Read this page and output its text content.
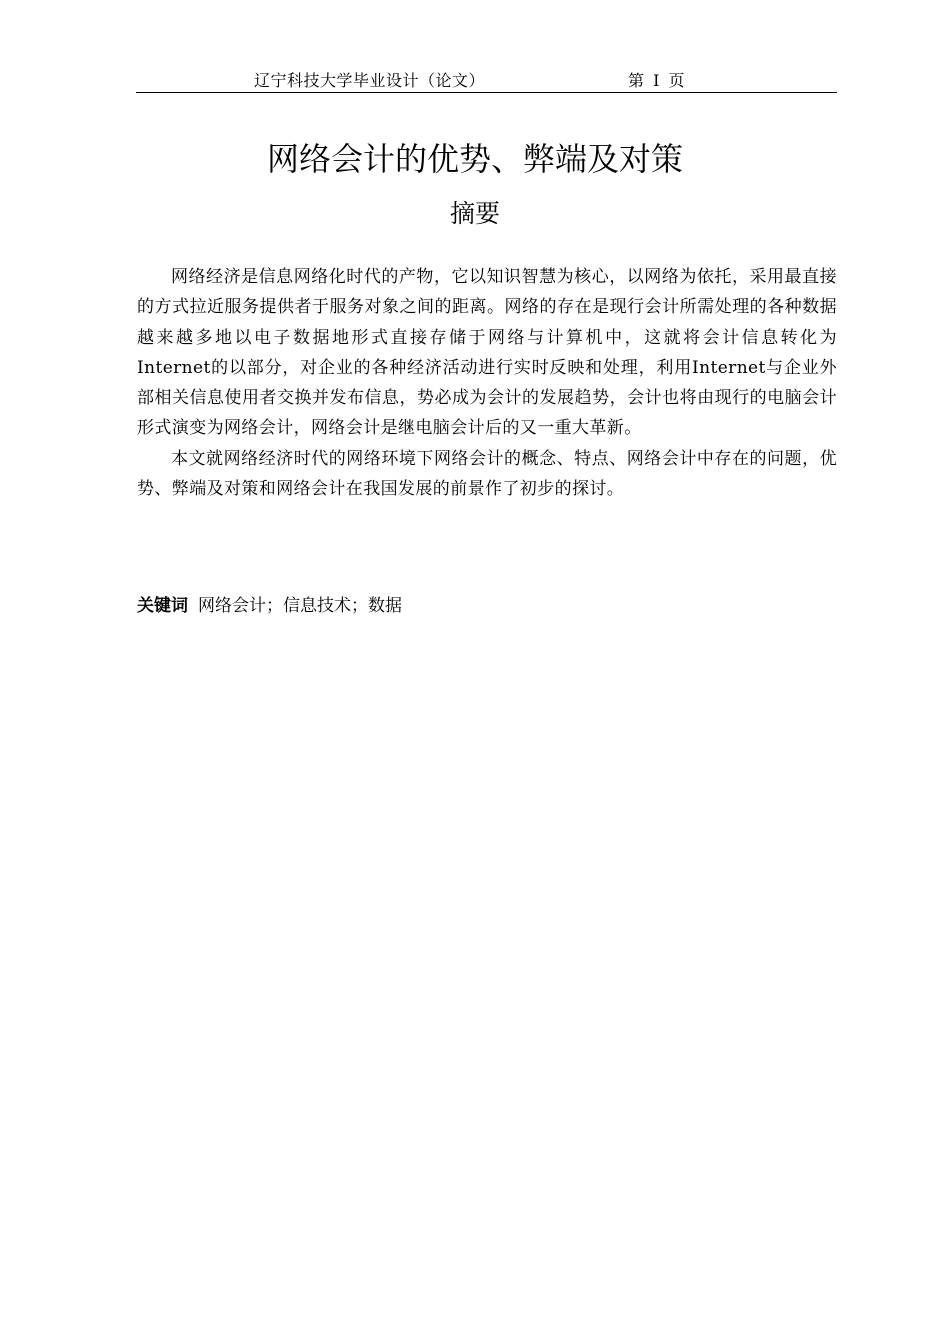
辽宁科技大学毕业设计（论文）	第 I 页
网络会计的优势、弊端及对策
摘要

网络经济是信息网络化时代的产物，它以知识智慧为核心，以网络为依托，采用最直接的方式拉近服务提供者于服务对象之间的距离。网络的存在是现行会计所需处理的各种数据越来越多地以电子数据地形式直接存储于网络与计算机中，这就将会计信息转化为Internet的以部分，对企业的各种经济活动进行实时反映和处理，利用Internet与企业外部相关信息使用者交换并发布信息，势必成为会计的发展趋势，会计也将由现行的电脑会计形式演变为网络会计，网络会计是继电脑会计后的又一重大革新。

本文就网络经济时代的网络环境下网络会计的概念、特点、网络会计中存在的问题，优势、弊端及对策和网络会计在我国发展的前景作了初步的探讨。

关键词 网络会计；信息技术；数据
